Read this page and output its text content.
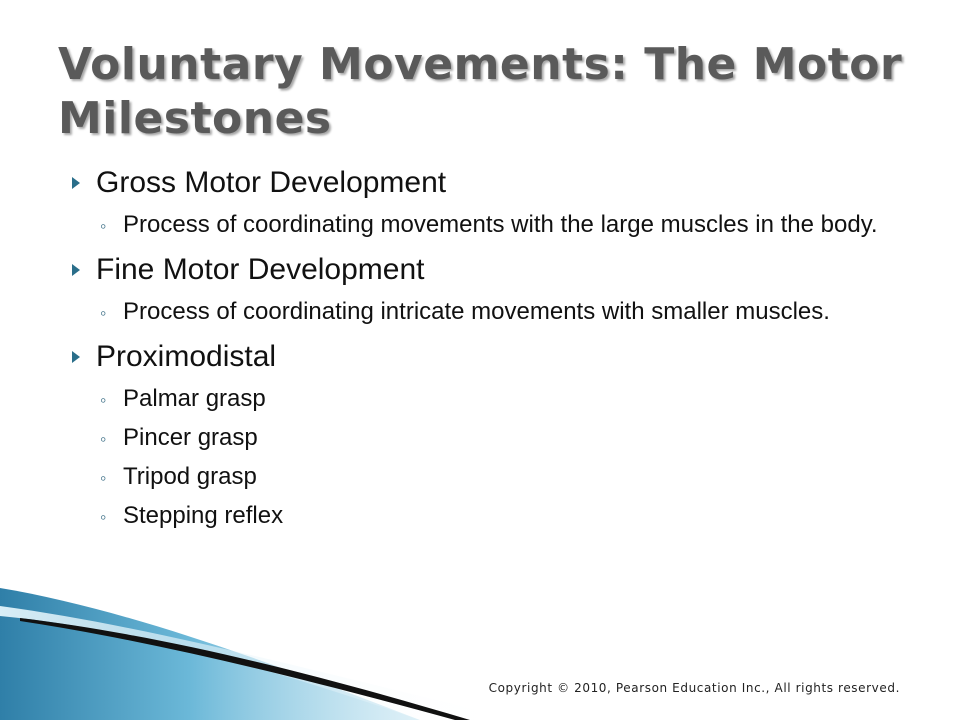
Voluntary Movements: The Motor Milestones
Gross Motor Development
◦ Process of coordinating movements with the large muscles in the body.
Fine Motor Development
◦ Process of coordinating intricate movements with smaller muscles.
Proximodistal
◦ Palmar grasp
◦ Pincer grasp
◦ Tripod grasp
◦ Stepping reflex
Copyright © 2010, Pearson Education Inc., All rights reserved.
